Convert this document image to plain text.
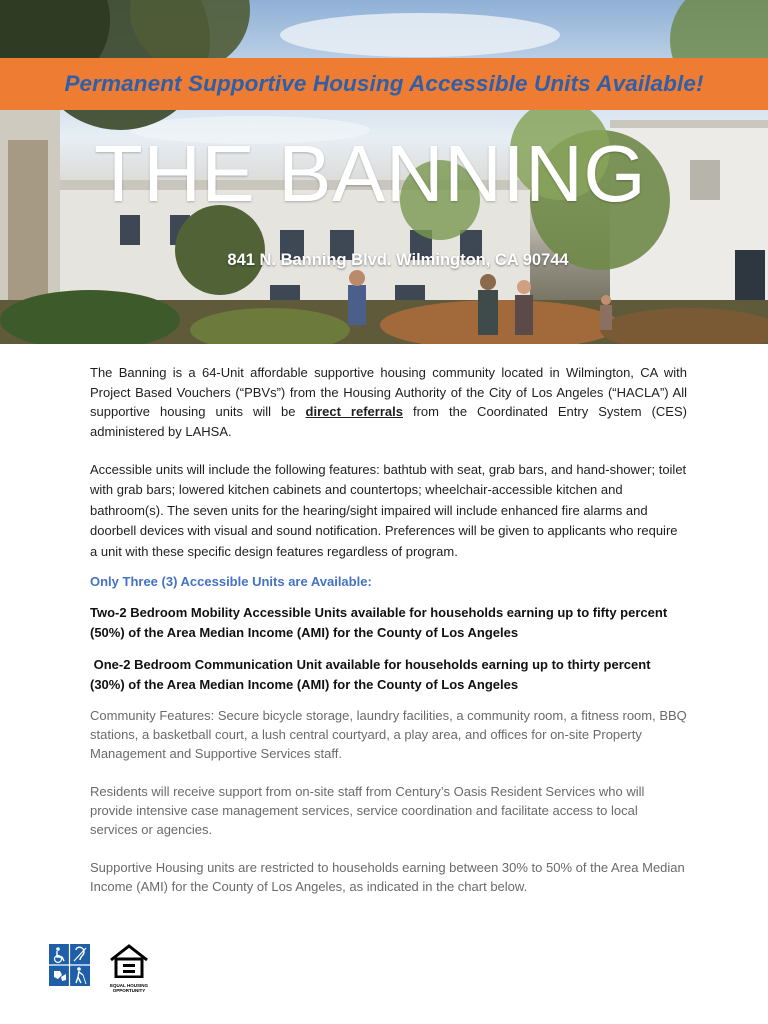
Permanent Supportive Housing Accessible Units Available!
THE BANNING
841 N. Banning Blvd. Wilmington, CA 90744

The Banning is a 64-Unit affordable supportive housing community located in Wilmington, CA with Project Based Vouchers (“PBVs”) from the Housing Authority of the City of Los Angeles (“HACLA”) All supportive housing units will be direct referrals from the Coordinated Entry System (CES) administered by LAHSA.

Accessible units will include the following features: bathtub with seat, grab bars, and hand-shower; toilet with grab bars; lowered kitchen cabinets and countertops; wheelchair-accessible kitchen and bathroom(s). The seven units for the hearing/sight impaired will include enhanced fire alarms and doorbell devices with visual and sound notification. Preferences will be given to applicants who require a unit with these specific design features regardless of program.

Only Three (3) Accessible Units are Available:

Two-2 Bedroom Mobility Accessible Units available for households earning up to fifty percent (50%) of the Area Median Income (AMI) for the County of Los Angeles

One-2 Bedroom Communication Unit available for households earning up to thirty percent (30%) of the Area Median Income (AMI) for the County of Los Angeles

Community Features: Secure bicycle storage, laundry facilities, a community room, a fitness room, BBQ stations, a basketball court, a lush central courtyard, a play area, and offices for on-site Property Management and Supportive Services staff.

Residents will receive support from on-site staff from Century’s Oasis Resident Services who will provide intensive case management services, service coordination and facilitate access to local services or agencies.

Supportive Housing units are restricted to households earning between 30% to 50% of the Area Median Income (AMI) for the County of Los Angeles, as indicated in the chart below.

EQUAL HOUSING
OPPORTUNITY
